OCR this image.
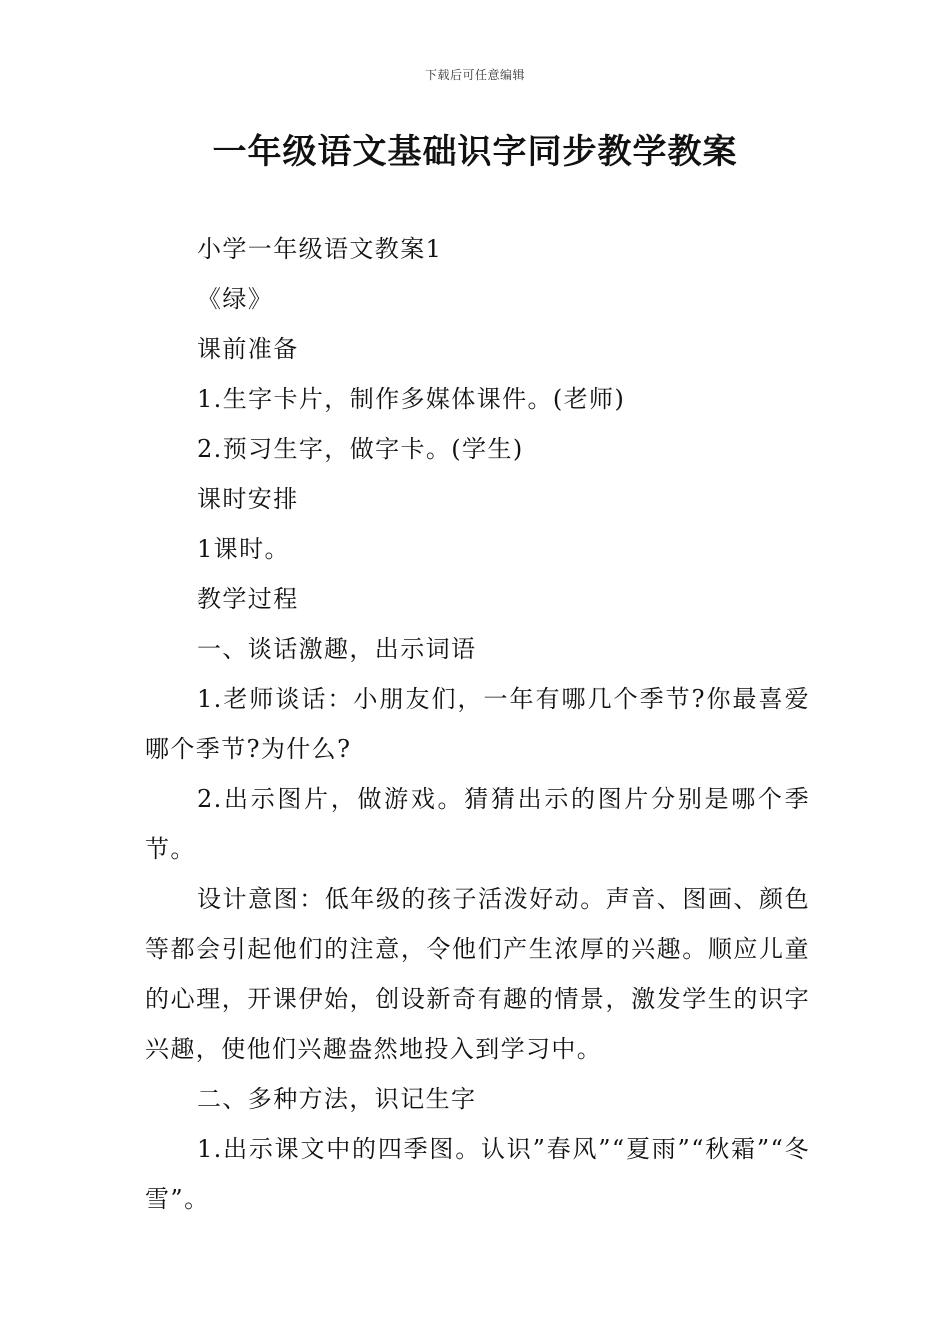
下载后可任意编辑
一年级语文基础识字同步教学教案

小学一年级语文教案1

《绿》

课前准备

1.生字卡片，制作多媒体课件。(老师)

2.预习生字，做字卡。(学生)

课时安排

1课时。

教学过程

一、谈话激趣，出示词语

1.老师谈话：小朋友们，一年有哪几个季节?你最喜爱哪个季节?为什么?

2.出示图片，做游戏。猜猜出示的图片分别是哪个季节。

设计意图：低年级的孩子活泼好动。声音、图画、颜色等都会引起他们的注意，令他们产生浓厚的兴趣。顺应儿童的心理，开课伊始，创设新奇有趣的情景，激发学生的识字兴趣，使他们兴趣盎然地投入到学习中。

二、多种方法，识记生字

1.出示课文中的四季图。认识”春风”“夏雨”“秋霜”“冬雪”。
